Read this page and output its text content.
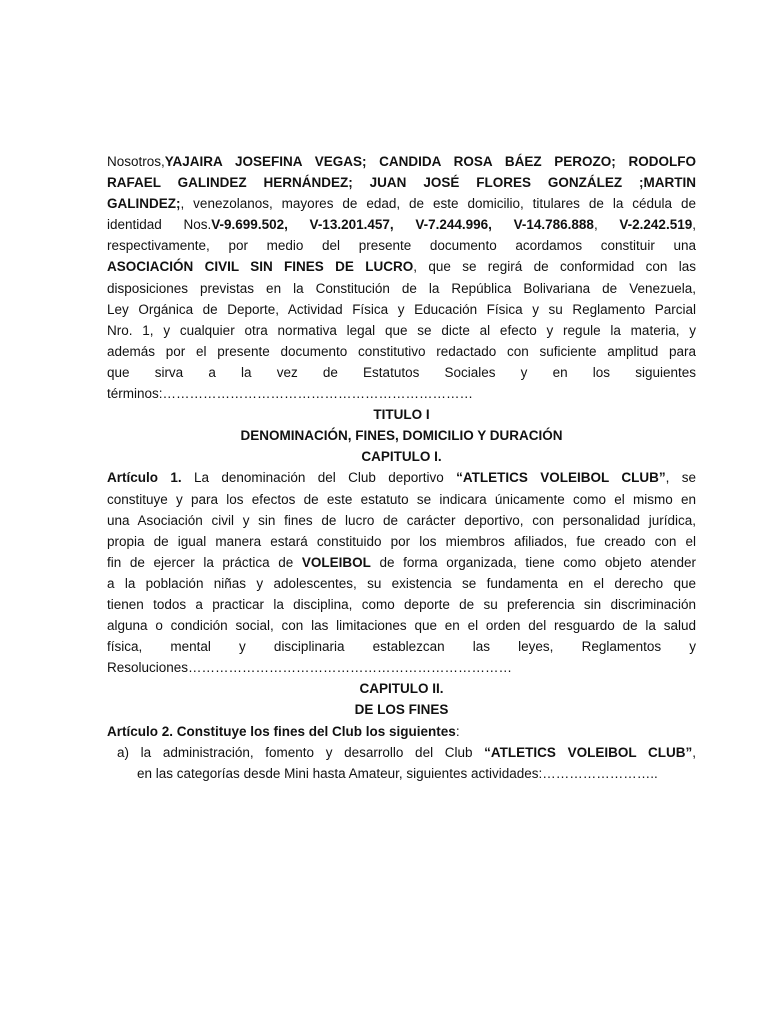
Nosotros,YAJAIRA JOSEFINA VEGAS; CANDIDA ROSA BÁEZ PEROZO; RODOLFO
RAFAEL GALINDEZ HERNÁNDEZ; JUAN JOSÉ FLORES GONZÁLEZ ;MARTIN
GALINDEZ;, venezolanos, mayores de edad, de este domicilio, titulares de la cédula de
identidad Nos.V-9.699.502, V-13.201.457, V-7.244.996, V-14.786.888, V-2.242.519,
respectivamente, por medio del presente documento acordamos constituir una
ASOCIACIÓN CIVIL SIN FINES DE LUCRO, que se regirá de conformidad con las
disposiciones previstas en la Constitución de la República Bolivariana de Venezuela,
Ley Orgánica de Deporte, Actividad Física y Educación Física y su Reglamento Parcial
Nro. 1, y cualquier otra normativa legal que se dicte al efecto y regule la materia, y
además por el presente documento constitutivo redactado con suficiente amplitud para
que sirva a la vez de Estatutos Sociales y en los siguientes
términos:……………………………………………………………
TITULO I
DENOMINACIÓN, FINES, DOMICILIO Y DURACIÓN
CAPITULO I.
Artículo 1. La denominación del Club deportivo “ATLETICS VOLEIBOL CLUB”, se
constituye y para los efectos de este estatuto se indicara únicamente como el mismo en
una Asociación civil y sin fines de lucro de carácter deportivo, con personalidad jurídica,
propia de igual manera estará constituido por los miembros afiliados, fue creado con el
fin de ejercer la práctica de VOLEIBOL de forma organizada, tiene como objeto atender
a la población niñas y adolescentes, su existencia se fundamenta en el derecho que
tienen todos a practicar la disciplina, como deporte de su preferencia sin discriminación
alguna o condición social, con las limitaciones que en el orden del resguardo de la salud
física, mental y disciplinaria establezcan las leyes, Reglamentos y
Resoluciones………………………………………………………………
CAPITULO II.
DE LOS FINES
Artículo 2. Constituye los fines del Club los siguientes:
a) la administración, fomento y desarrollo del Club “ATLETICS VOLEIBOL CLUB”,
en las categorías desde Mini hasta Amateur, siguientes actividades:……………………..
